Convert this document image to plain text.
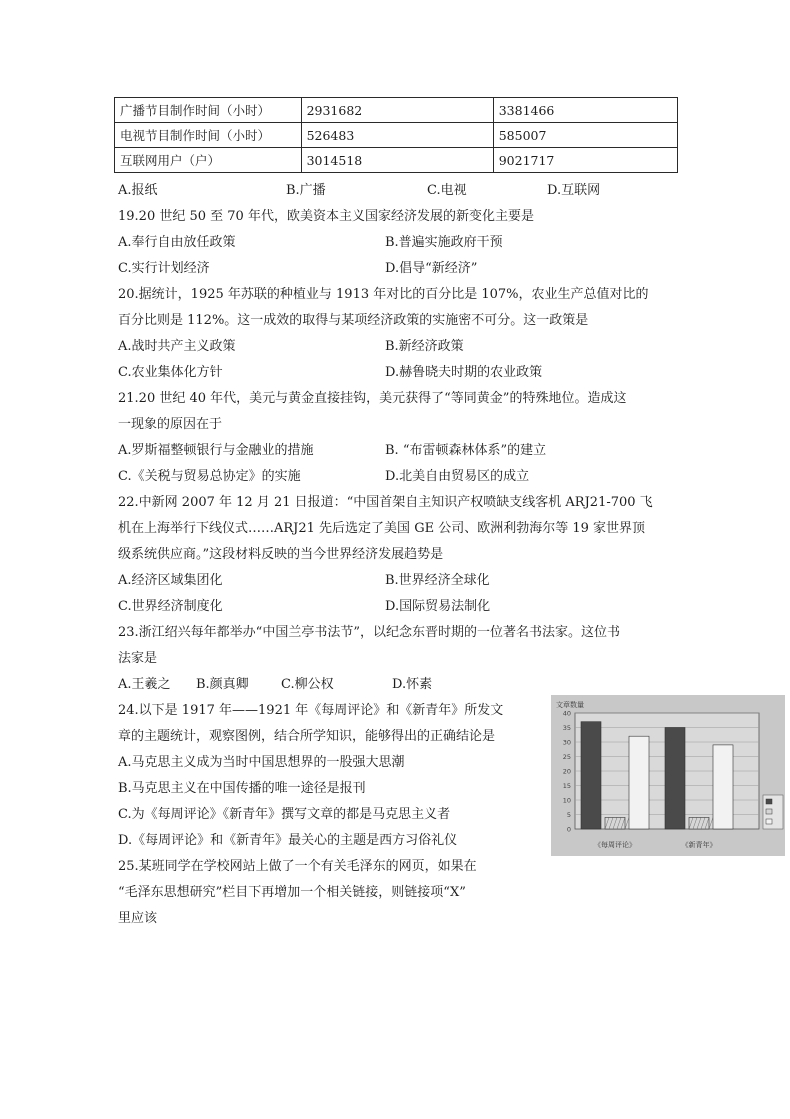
广播节目制作时间（小时）	2931682	3381466
电视节目制作时间（小时）	526483	585007
互联网用户（户）	3014518	9021717
A.报纸	B.广播	C.电视	D.互联网
19.20 世纪 50 至 70 年代，欧美资本主义国家经济发展的新变化主要是
A.奉行自由放任政策	B.普遍实施政府干预
C.实行计划经济	D.倡导“新经济”
20.据统计，1925 年苏联的种植业与 1913 年对比的百分比是 107%，农业生产总值对比的
百分比则是 112%。这一成效的取得与某项经济政策的实施密不可分。这一政策是
A.战时共产主义政策	B.新经济政策
C.农业集体化方针	D.赫鲁晓夫时期的农业政策
21.20 世纪 40 年代，美元与黄金直接挂钩，美元获得了“等同黄金”的特殊地位。造成这
一现象的原因在于
A.罗斯福整顿银行与金融业的措施	B. “布雷顿森林体系”的建立
C.《关税与贸易总协定》的实施	D.北美自由贸易区的成立
22.中新网 2007 年 12 月 21 日报道：“中国首架自主知识产权喷缺支线客机 ARJ21-700 飞
机在上海举行下线仪式……ARJ21 先后选定了美国 GE 公司、欧洲利勃海尔等 19 家世界顶
级系统供应商。”这段材料反映的当今世界经济发展趋势是
A.经济区域集团化	B.世界经济全球化
C.世界经济制度化	D.国际贸易法制化
23.浙江绍兴每年都举办“中国兰亭书法节”，以纪念东晋时期的一位著名书法家。这位书
法家是
A.王羲之 B.颜真卿 C.柳公权	D.怀素
24.以下是 1917 年——1921 年《每周评论》和《新青年》所发文
章的主题统计，观察图例，结合所学知识，能够得出的正确结论是
A.马克思主义成为当时中国思想界的一股强大思潮
B.马克思主义在中国传播的唯一途径是报刊
C.为《每周评论》《新青年》撰写文章的都是马克思主义者
D.《每周评论》和《新青年》最关心的主题是西方习俗礼仪
25.某班同学在学校网站上做了一个有关毛泽东的网页，如果在
“毛泽东思想研究”栏目下再增加一个相关链接，则链接项“X”
里应该
文章数量
0
5
10
15
20
25
30
35
40
《每周评论》	《新青年》
